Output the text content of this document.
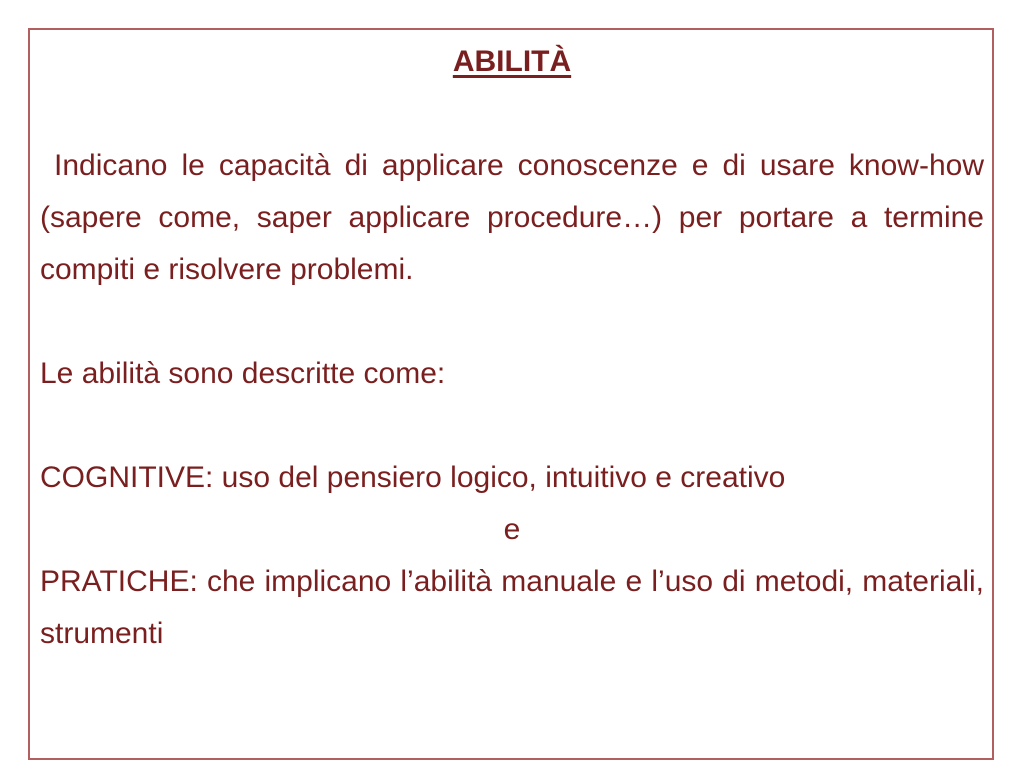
ABILITÀ

Indicano le capacità di applicare conoscenze e di usare know-how (sapere come, saper applicare procedure…) per portare a termine compiti e risolvere problemi.

Le abilità sono descritte come:

COGNITIVE: uso del pensiero logico, intuitivo e creativo

e

PRATICHE: che implicano l’abilità manuale e l’uso di metodi, materiali, strumenti
